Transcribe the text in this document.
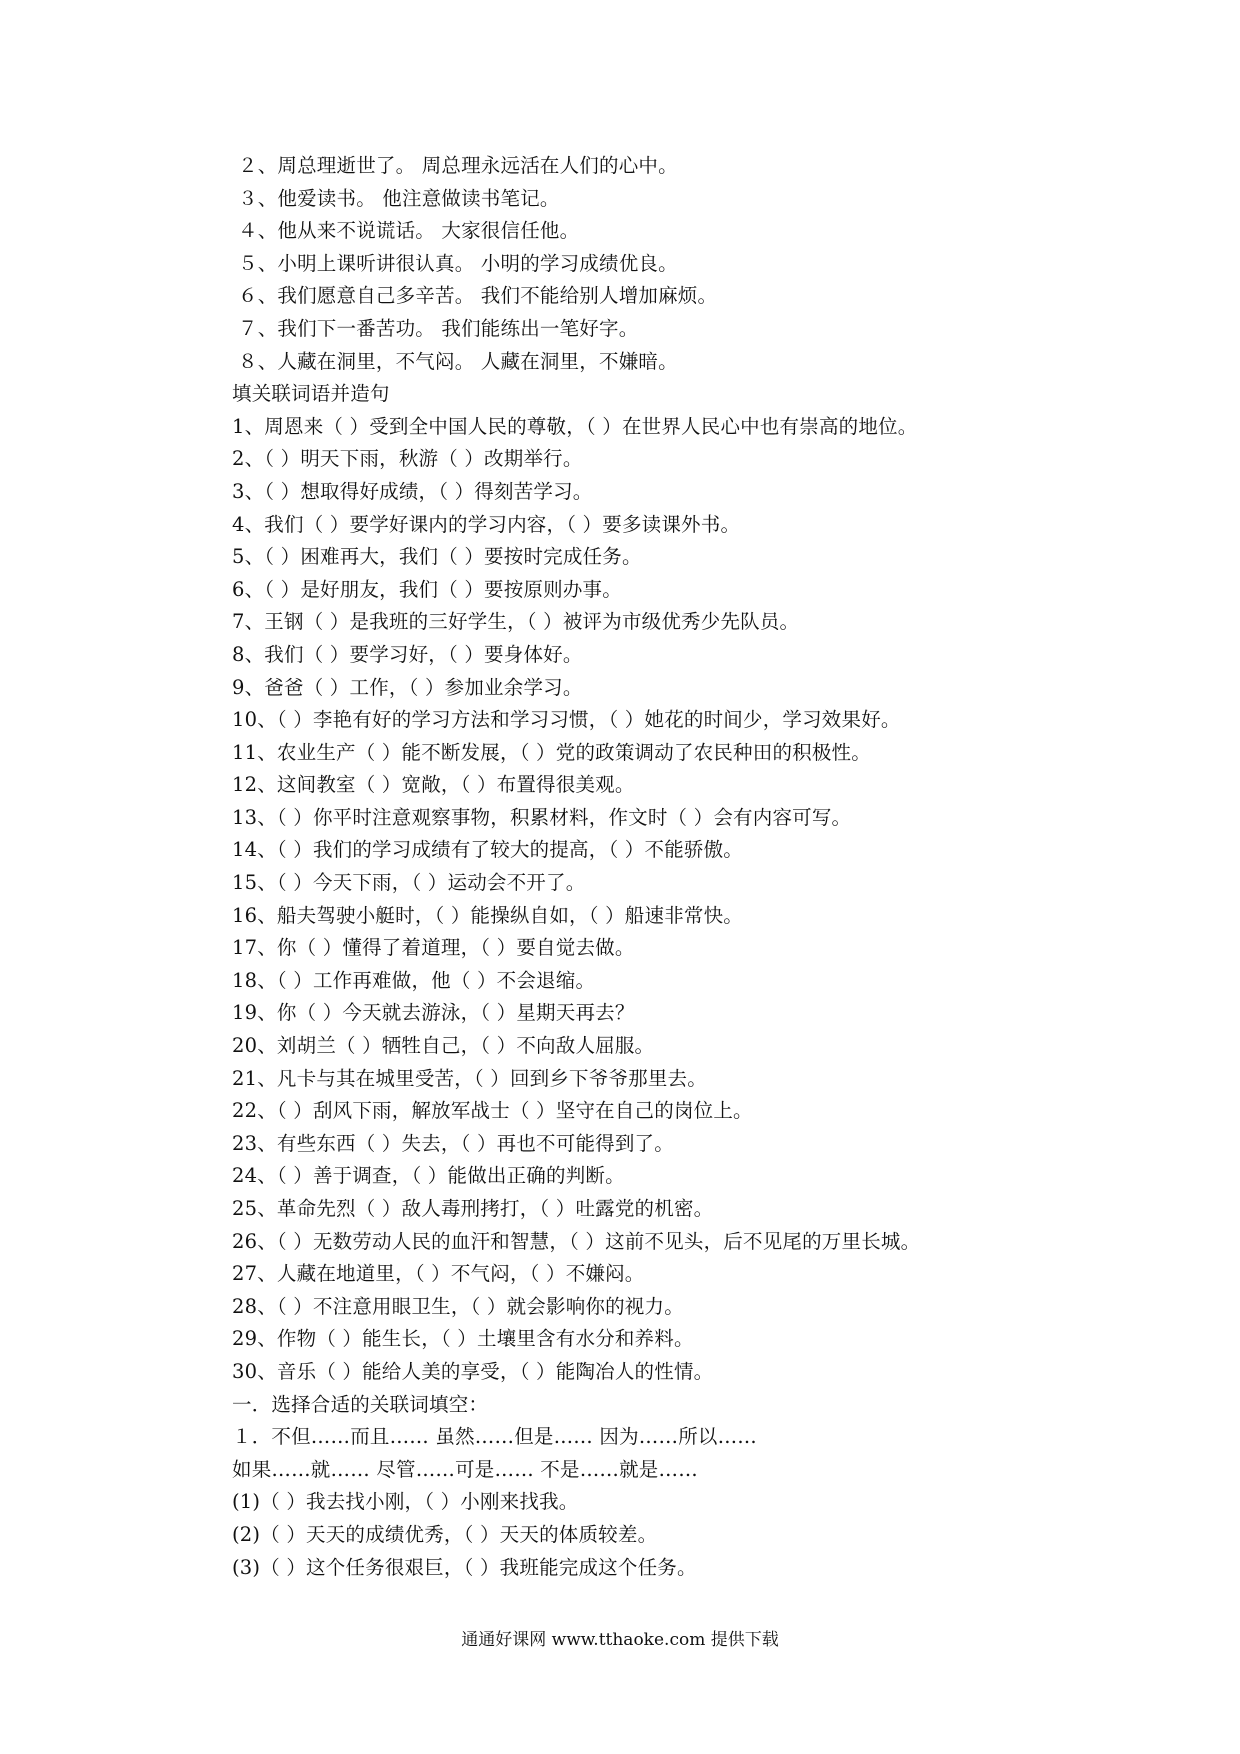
２、周总理逝世了。 周总理永远活在人们的心中。
３、他爱读书。 他注意做读书笔记。
４、他从来不说谎话。 大家很信任他。
５、小明上课听讲很认真。 小明的学习成绩优良。
６、我们愿意自己多辛苦。 我们不能给别人增加麻烦。
７、我们下一番苦功。 我们能练出一笔好字。
８、人藏在洞里，不气闷。 人藏在洞里，不嫌暗。
填关联词语并造句
1、周恩来（ ）受到全中国人民的尊敬，（ ）在世界人民心中也有崇高的地位。
2、（ ）明天下雨，秋游（ ）改期举行。
3、（ ）想取得好成绩，（ ）得刻苦学习。
4、我们（ ）要学好课内的学习内容，（ ）要多读课外书。
5、（ ）困难再大，我们（ ）要按时完成任务。
6、（ ）是好朋友，我们（ ）要按原则办事。
7、王钢（ ）是我班的三好学生，（ ）被评为市级优秀少先队员。
8、我们（ ）要学习好，（ ）要身体好。
9、爸爸（ ）工作，（ ）参加业余学习。
10、（ ）李艳有好的学习方法和学习习惯，（ ）她花的时间少，学习效果好。
11、农业生产（ ）能不断发展，（ ）党的政策调动了农民种田的积极性。
12、这间教室（ ）宽敞，（ ）布置得很美观。
13、（ ）你平时注意观察事物，积累材料，作文时（ ）会有内容可写。
14、（ ）我们的学习成绩有了较大的提高，（ ）不能骄傲。
15、（ ）今天下雨，（ ）运动会不开了。
16、船夫驾驶小艇时，（ ）能操纵自如，（ ）船速非常快。
17、你（ ）懂得了着道理，（ ）要自觉去做。
18、（ ）工作再难做，他（ ）不会退缩。
19、你（ ）今天就去游泳，（ ）星期天再去？
20、刘胡兰（ ）牺牲自己，（ ）不向敌人屈服。
21、凡卡与其在城里受苦，（ ）回到乡下爷爷那里去。
22、（ ）刮风下雨，解放军战士（ ）坚守在自己的岗位上。
23、有些东西（ ）失去，（ ）再也不可能得到了。
24、（ ）善于调查，（ ）能做出正确的判断。
25、革命先烈（ ）敌人毒刑拷打，（ ）吐露党的机密。
26、（ ）无数劳动人民的血汗和智慧，（ ）这前不见头，后不见尾的万里长城。
27、人藏在地道里，（ ）不气闷，（ ）不嫌闷。
28、（ ）不注意用眼卫生，（ ）就会影响你的视力。
29、作物（ ）能生长，（ ）土壤里含有水分和养料。
30、音乐（ ）能给人美的享受，（ ）能陶冶人的性情。
一．选择合适的关联词填空：
１．不但……而且…… 虽然……但是…… 因为……所以……
如果……就…… 尽管……可是…… 不是……就是……
(1)（ ）我去找小刚，（ ）小刚来找我。
(2)（ ）天天的成绩优秀，（ ）天天的体质较差。
(3)（ ）这个任务很艰巨，（ ）我班能完成这个任务。
通通好课网 www.tthaoke.com 提供下载
